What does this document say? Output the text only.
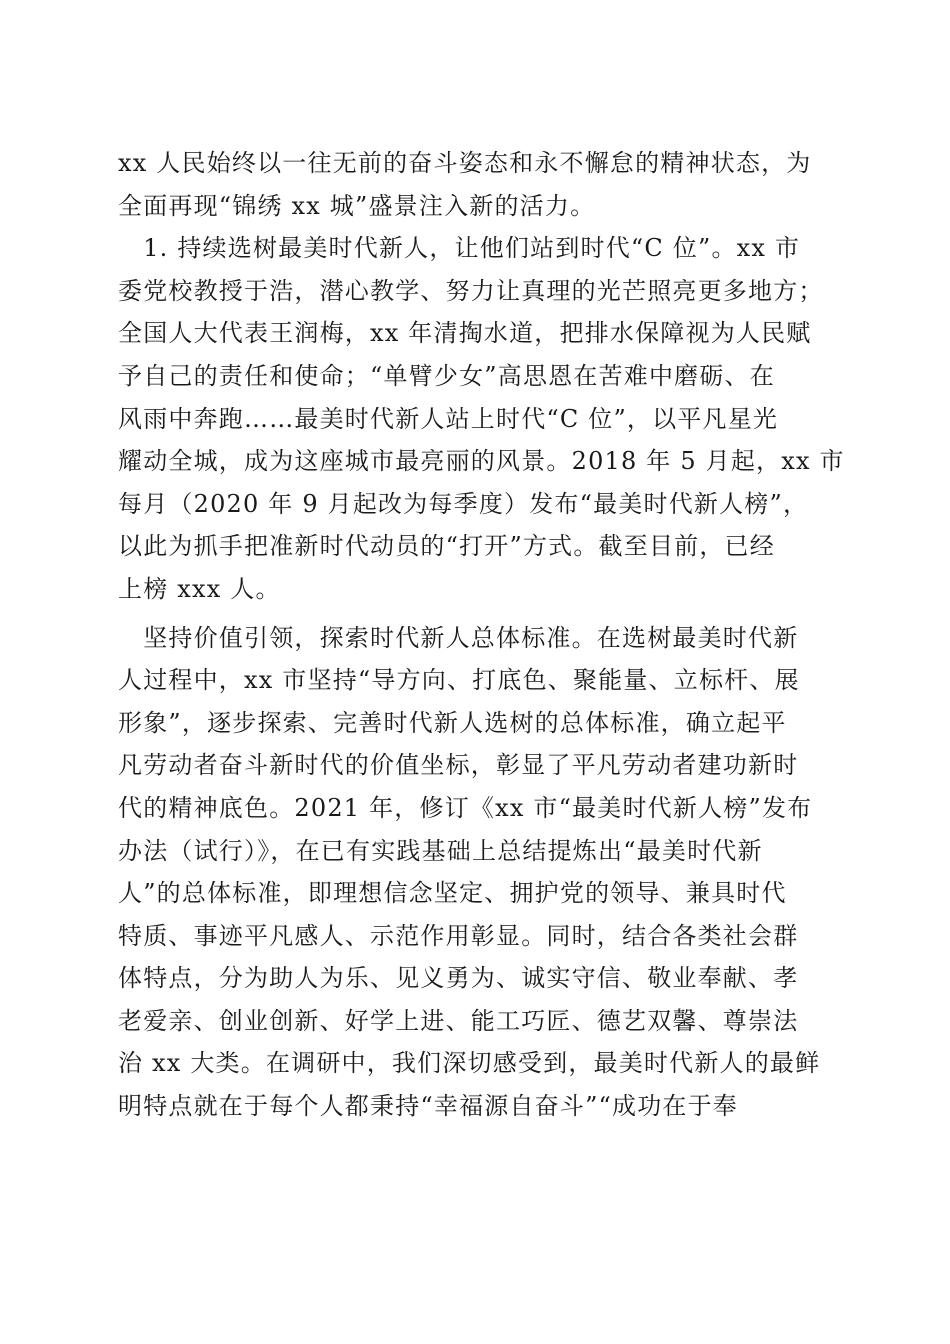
xx 人民始终以一往无前的奋斗姿态和永不懈怠的精神状态，为
全面再现“锦绣 xx 城”盛景注入新的活力。
　1. 持续选树最美时代新人，让他们站到时代“C 位”。xx 市
委党校教授于浩，潜心教学、努力让真理的光芒照亮更多地方；
全国人大代表王润梅，xx 年清掏水道，把排水保障视为人民赋
予自己的责任和使命；“单臂少女”高思恩在苦难中磨砺、在
风雨中奔跑……最美时代新人站上时代“C 位”，以平凡星光
耀动全城，成为这座城市最亮丽的风景。2018 年 5 月起，xx 市
每月（2020 年 9 月起改为每季度）发布“最美时代新人榜”，
以此为抓手把准新时代动员的“打开”方式。截至目前，已经
上榜 xxx 人。
　坚持价值引领，探索时代新人总体标准。在选树最美时代新
人过程中，xx 市坚持“导方向、打底色、聚能量、立标杆、展
形象”，逐步探索、完善时代新人选树的总体标准，确立起平
凡劳动者奋斗新时代的价值坐标，彰显了平凡劳动者建功新时
代的精神底色。2021 年，修订《xx 市“最美时代新人榜”发布
办法（试行）》，在已有实践基础上总结提炼出“最美时代新
人”的总体标准，即理想信念坚定、拥护党的领导、兼具时代
特质、事迹平凡感人、示范作用彰显。同时，结合各类社会群
体特点，分为助人为乐、见义勇为、诚实守信、敬业奉献、孝
老爱亲、创业创新、好学上进、能工巧匠、德艺双馨、尊崇法
治 xx 大类。在调研中，我们深切感受到，最美时代新人的最鲜
明特点就在于每个人都秉持“幸福源自奋斗”“成功在于奉
